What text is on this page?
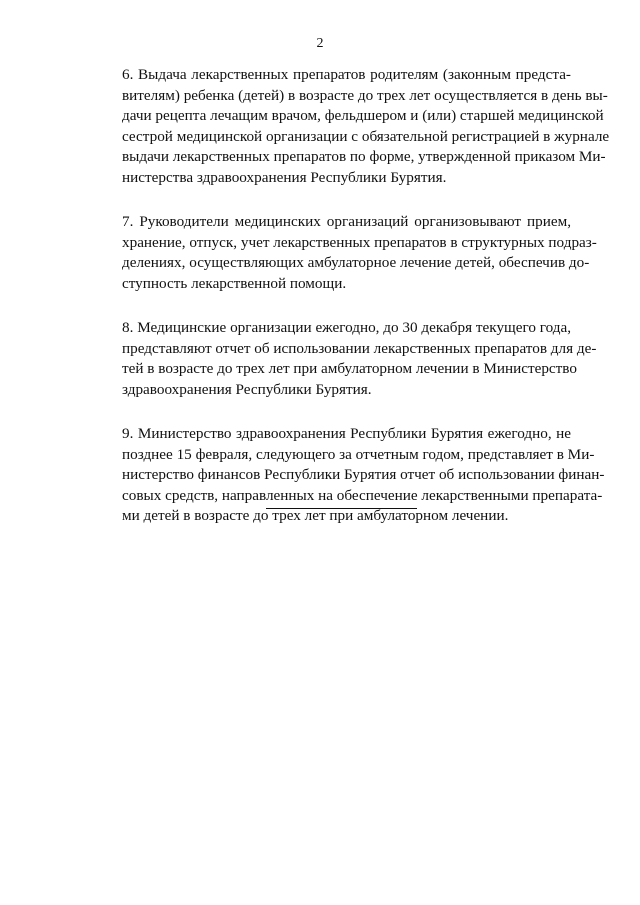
2

6. Выдача лекарственных препаратов родителям (законным предста-
вителям) ребенка (детей) в возрасте до трех лет осуществляется в день вы-
дачи рецепта лечащим врачом, фельдшером и (или) старшей медицинской
сестрой медицинской организации с обязательной регистрацией в журнале
выдачи лекарственных препаратов по форме, утвержденной приказом Ми-
нистерства здравоохранения Республики Бурятия.

7. Руководители медицинских организаций организовывают прием,
хранение, отпуск, учет лекарственных препаратов в структурных подраз-
делениях, осуществляющих амбулаторное лечение детей, обеспечив до-
ступность лекарственной помощи.

8. Медицинские организации ежегодно, до 30 декабря текущего года,
представляют отчет об использовании лекарственных препаратов для де-
тей в возрасте до трех лет при амбулаторном лечении в Министерство
здравоохранения Республики Бурятия.

9. Министерство здравоохранения Республики Бурятия ежегодно, не
позднее 15 февраля, следующего за отчетным годом, представляет в Ми-
нистерство финансов Республики Бурятия отчет об использовании финан-
совых средств, направленных на обеспечение лекарственными препарата-
ми детей в возрасте до трех лет при амбулаторном лечении.
